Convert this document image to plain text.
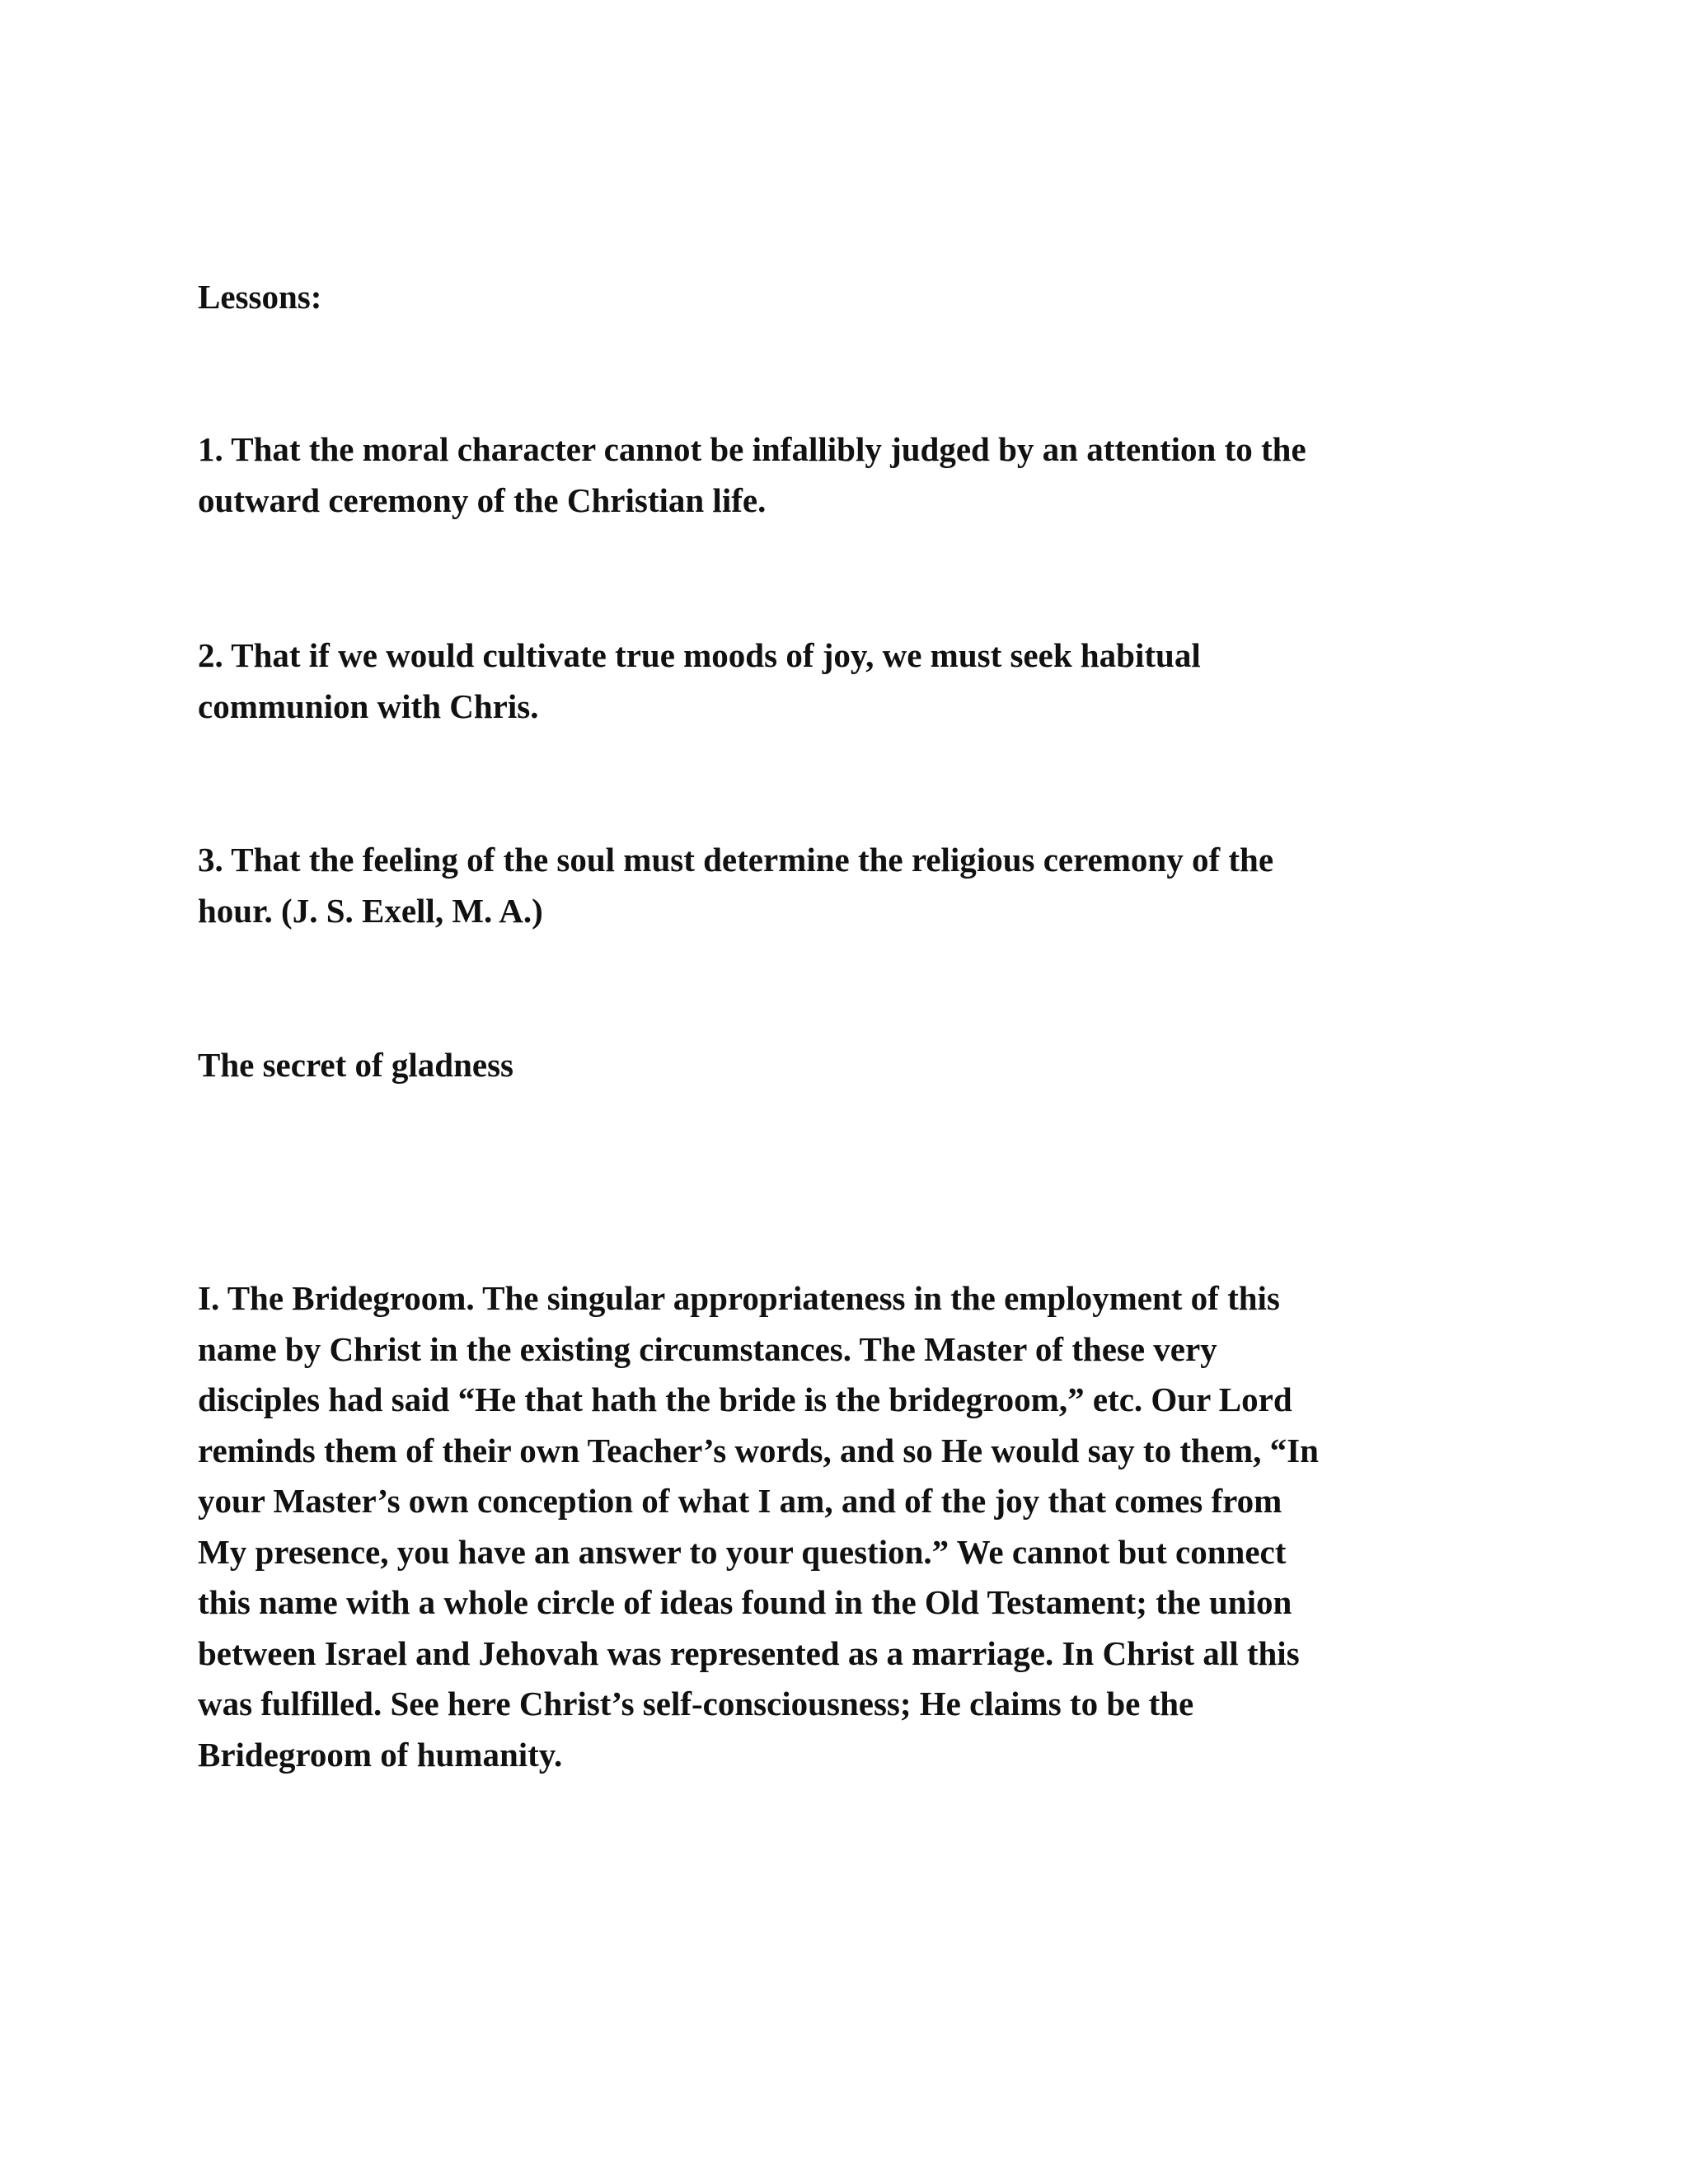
Lessons:

1. That the moral character cannot be infallibly judged by an attention to the
outward ceremony of the Christian life.

2. That if we would cultivate true moods of joy, we must seek habitual
communion with Chris.

3. That the feeling of the soul must determine the religious ceremony of the
hour. (J. S. Exell, M. A.)

The secret of gladness

I. The Bridegroom. The singular appropriateness in the employment of this
name by Christ in the existing circumstances. The Master of these very
disciples had said “He that hath the bride is the bridegroom,” etc. Our Lord
reminds them of their own Teacher’s words, and so He would say to them, “In
your Master’s own conception of what I am, and of the joy that comes from
My presence, you have an answer to your question.” We cannot but connect
this name with a whole circle of ideas found in the Old Testament; the union
between Israel and Jehovah was represented as a marriage. In Christ all this
was fulfilled. See here Christ’s self-consciousness; He claims to be the
Bridegroom of humanity.
